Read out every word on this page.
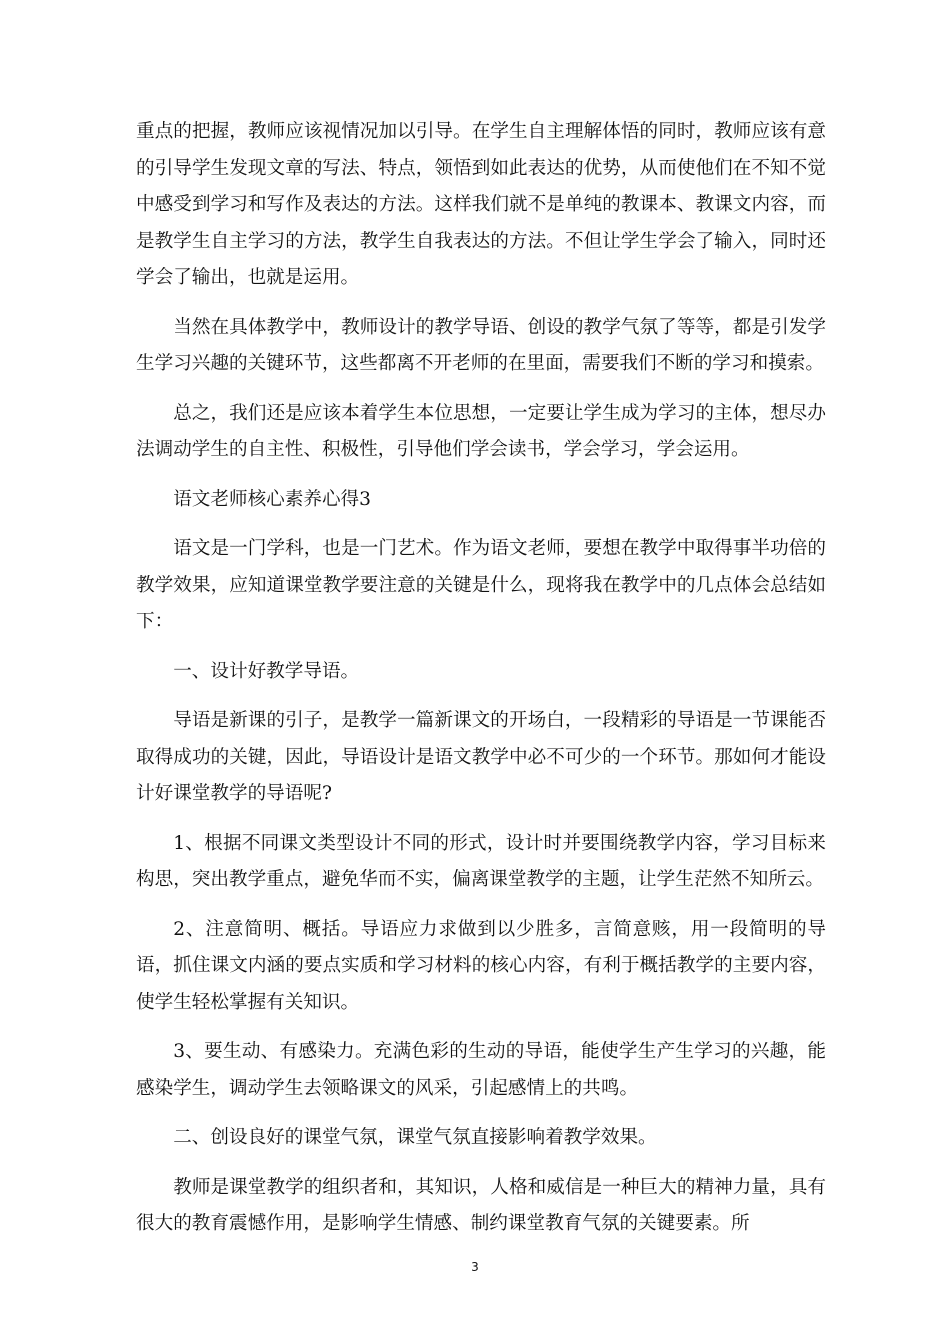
重点的把握，教师应该视情况加以引导。在学生自主理解体悟的同时，教师应该有意的引导学生发现文章的写法、特点，领悟到如此表达的优势，从而使他们在不知不觉中感受到学习和写作及表达的方法。这样我们就不是单纯的教课本、教课文内容，而是教学生自主学习的方法，教学生自我表达的方法。不但让学生学会了输入，同时还学会了输出，也就是运用。

当然在具体教学中，教师设计的教学导语、创设的教学气氛了等等，都是引发学生学习兴趣的关键环节，这些都离不开老师的在里面，需要我们不断的学习和摸索。

总之，我们还是应该本着学生本位思想，一定要让学生成为学习的主体，想尽办法调动学生的自主性、积极性，引导他们学会读书，学会学习，学会运用。

语文老师核心素养心得3

语文是一门学科，也是一门艺术。作为语文老师，要想在教学中取得事半功倍的教学效果，应知道课堂教学要注意的关键是什么，现将我在教学中的几点体会总结如下：

一、设计好教学导语。

导语是新课的引子，是教学一篇新课文的开场白，一段精彩的导语是一节课能否取得成功的关键，因此，导语设计是语文教学中必不可少的一个环节。那如何才能设计好课堂教学的导语呢?

1、根据不同课文类型设计不同的形式，设计时并要围绕教学内容，学习目标来构思，突出教学重点，避免华而不实，偏离课堂教学的主题，让学生茫然不知所云。

2、注意简明、概括。导语应力求做到以少胜多，言简意赅，用一段简明的导语，抓住课文内涵的要点实质和学习材料的核心内容，有利于概括教学的主要内容，使学生轻松掌握有关知识。

3、要生动、有感染力。充满色彩的生动的导语，能使学生产生学习的兴趣，能感染学生，调动学生去领略课文的风采，引起感情上的共鸣。

二、创设良好的课堂气氛，课堂气氛直接影响着教学效果。

教师是课堂教学的组织者和，其知识，人格和威信是一种巨大的精神力量，具有很大的教育震憾作用，是影响学生情感、制约课堂教育气氛的关键要素。所

3
